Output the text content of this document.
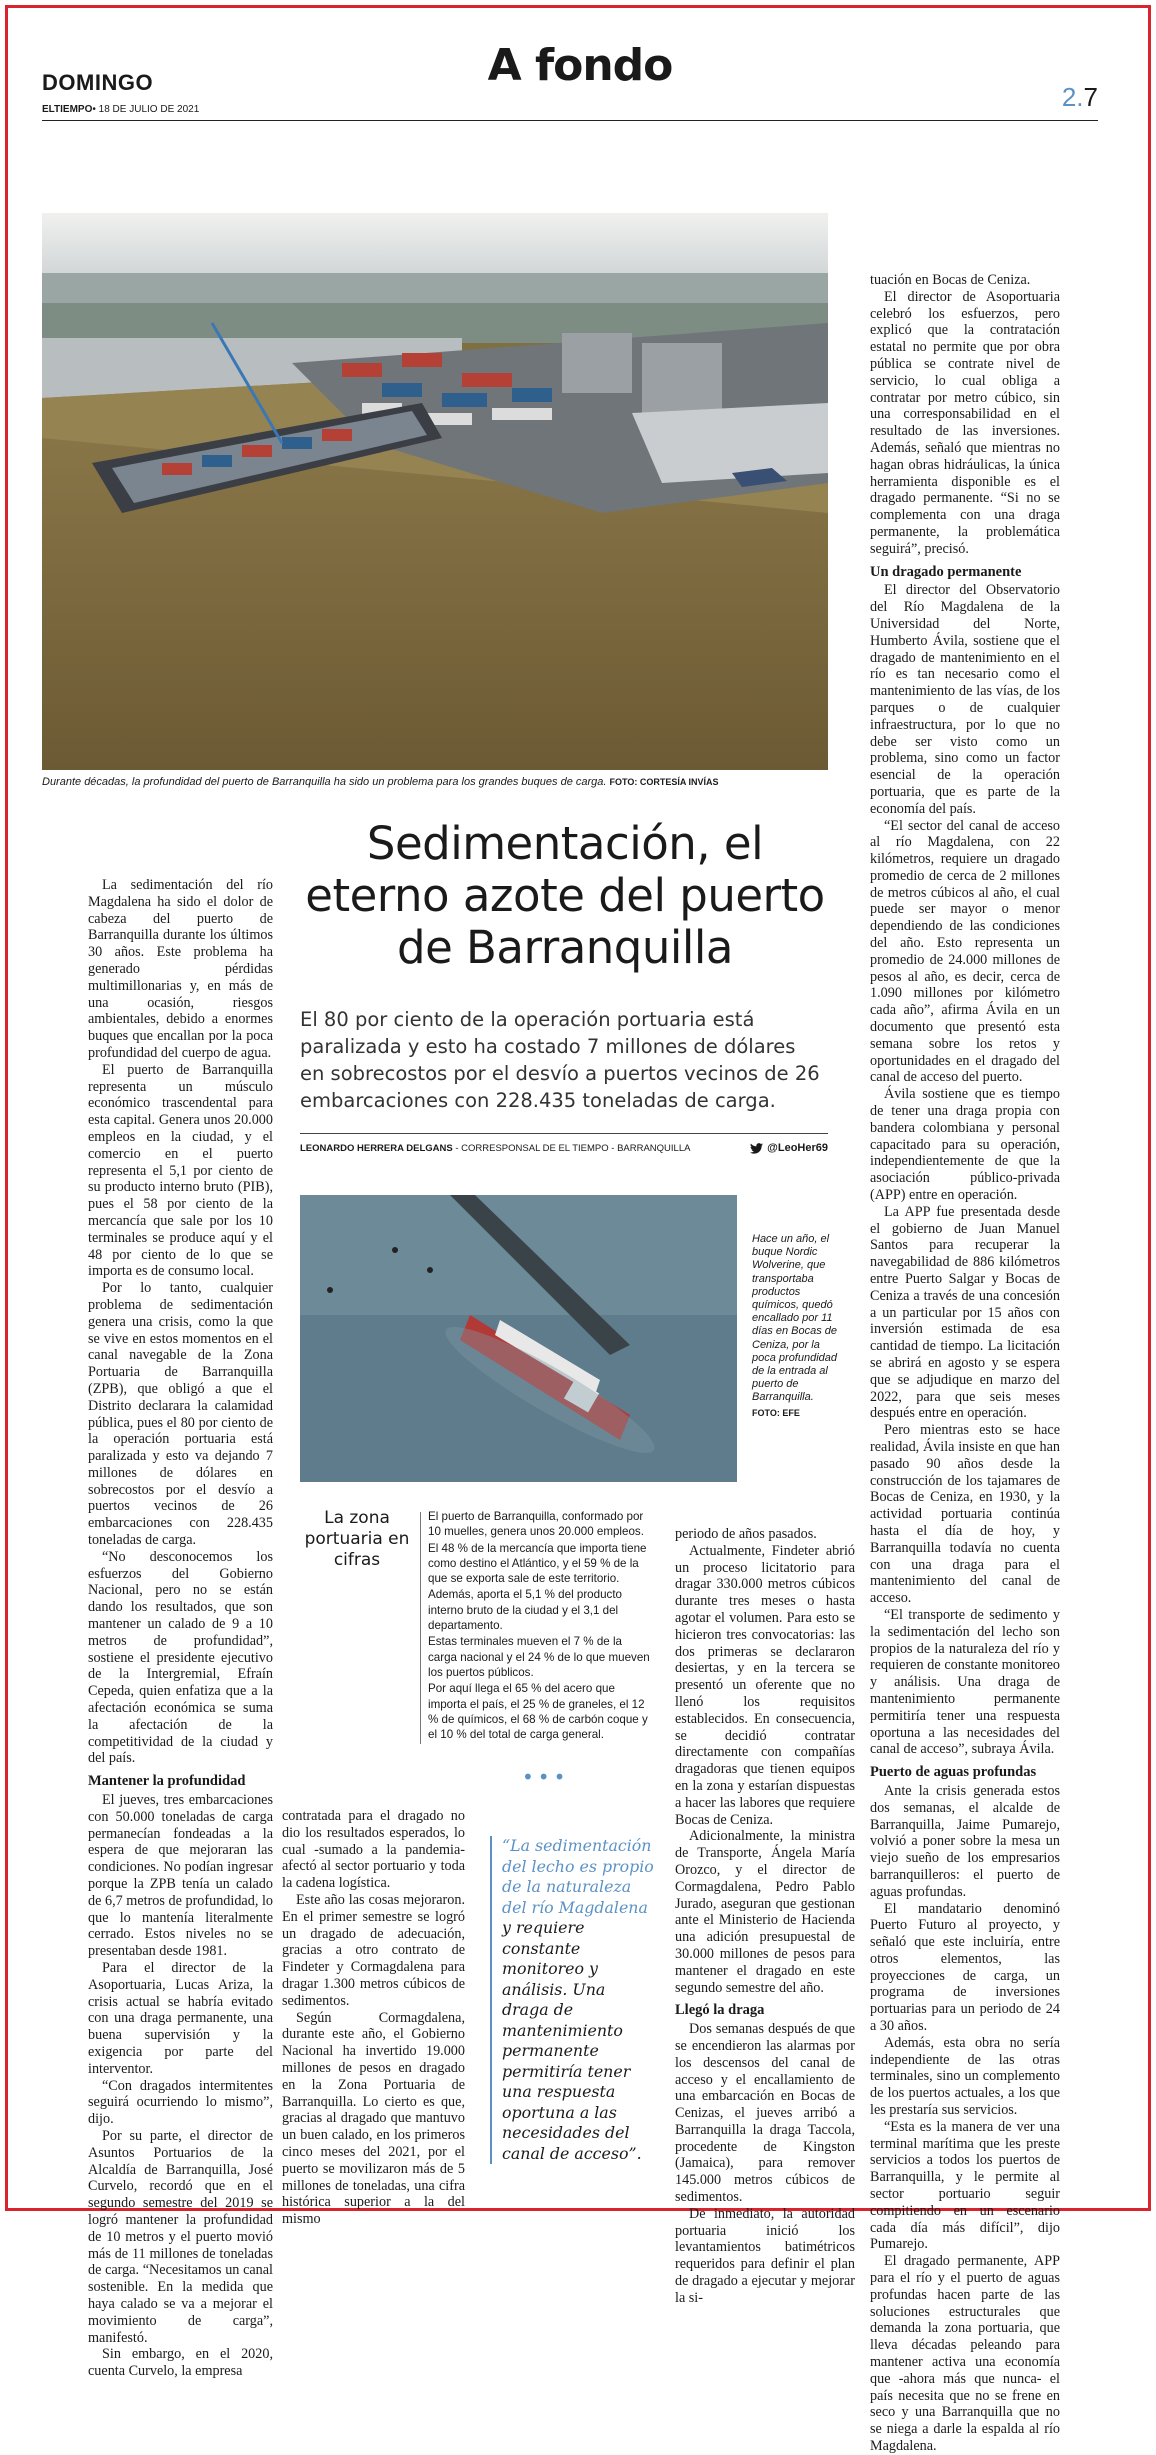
DOMINGO
ELTIEMPO• 18 DE JULIO DE 2021
A fondo
2.7
Durante décadas, la profundidad del puerto de Barranquilla ha sido un problema para los grandes buques de carga. FOTO: CORTESÍA INVÍAS
Sedimentación, el eterno azote del puerto de Barranquilla

El 80 por ciento de la operación portuaria está paralizada y esto ha costado 7 millones de dólares en sobrecostos por el desvío a puertos vecinos de 26 embarcaciones con 228.435 toneladas de carga.

LEONARDO HERRERA DELGANS - CORRESPONSAL DE EL TIEMPO - BARRANQUILLA	@LeoHer69

La sedimentación del río Magdalena ha sido el dolor de cabeza del puerto de Barranquilla durante los últimos 30 años. Este problema ha generado pérdidas multimillonarias y, en más de una ocasión, riesgos ambientales, debido a enormes buques que encallan por la poca profundidad del cuerpo de agua.

El puerto de Barranquilla representa un músculo económico trascendental para esta capital. Genera unos 20.000 empleos en la ciudad, y el comercio en el puerto representa el 5,1 por ciento de su producto interno bruto (PIB), pues el 58 por ciento de la mercancía que sale por los 10 terminales se produce aquí y el 48 por ciento de lo que se importa es de consumo local.

Por lo tanto, cualquier problema de sedimentación genera una crisis, como la que se vive en estos momentos en el canal navegable de la Zona Portuaria de Barranquilla (ZPB), que obligó a que el Distrito declarara la calamidad pública, pues el 80 por ciento de la operación portuaria está paralizada y esto va dejando 7 millones de dólares en sobrecostos por el desvío a puertos vecinos de 26 embarcaciones con 228.435 toneladas de carga.

“No desconocemos los esfuerzos del Gobierno Nacional, pero no se están dando los resultados, que son mantener un calado de 9 a 10 metros de profundidad”, sostiene el presidente ejecutivo de la Intergremial, Efraín Cepeda, quien enfatiza que a la afectación económica se suma la afectación de la competitividad de la ciudad y del país.

Mantener la profundidad

El jueves, tres embarcaciones con 50.000 toneladas de carga permanecían fondeadas a la espera de que mejoraran las condiciones. No podían ingresar porque la ZPB tenía un calado de 6,7 metros de profundidad, lo que lo mantenía literalmente cerrado. Estos niveles no se presentaban desde 1981.

Para el director de la Asoportuaria, Lucas Ariza, la crisis actual se habría evitado con una draga permanente, una buena supervisión y la exigencia por parte del interventor.

“Con dragados intermitentes seguirá ocurriendo lo mismo”, dijo.

Por su parte, el director de Asuntos Portuarios de la Alcaldía de Barranquilla, José Curvelo, recordó que en el segundo semestre del 2019 se logró mantener la profundidad de 10 metros y el puerto movió más de 11 millones de toneladas de carga. “Necesitamos un canal sostenible. En la medida que haya calado se va a mejorar el movimiento de carga”, manifestó.

Sin embargo, en el 2020, cuenta Curvelo, la empresa

Hace un año, el buque Nordic Wolverine, que transportaba productos químicos, quedó encallado por 11 días en Bocas de Ceniza, por la poca profundidad de la entrada al puerto de Barranquilla.
FOTO: EFE
La zona portuaria en cifras

El puerto de Barranquilla, conformado por 10 muelles, genera unos 20.000 empleos.

El 48 % de la mercancía que importa tiene como destino el Atlántico, y el 59 % de la que se exporta sale de este territorio.

Además, aporta el 5,1 % del producto interno bruto de la ciudad y el 3,1 del departamento.

Estas terminales mueven el 7 % de la carga nacional y el 24 % de lo que mueven los puertos públicos.

Por aquí llega el 65 % del acero que importa el país, el 25 % de graneles, el 12 % de químicos, el 68 % de carbón coque y el 10 % del total de carga general.

•••

contratada para el dragado no dio los resultados esperados, lo cual -sumado a la pandemia- afectó al sector portuario y toda la cadena logística.

Este año las cosas mejoraron. En el primer semestre se logró un dragado de adecuación, gracias a otro contrato de Findeter y Cormagdalena para dragar 1.300 metros cúbicos de sedimentos.

Según Cormagdalena, durante este año, el Gobierno Nacional ha invertido 19.000 millones de pesos en dragado en la Zona Portuaria de Barranquilla. Lo cierto es que, gracias al dragado que mantuvo un buen calado, en los primeros cinco meses del 2021, por el puerto se movilizaron más de 5 millones de toneladas, una cifra histórica superior a la del mismo

“La sedimentación del lecho es propio de la naturaleza del río Magdalena y requiere constante monitoreo y análisis. Una draga de mantenimiento permanente permitiría tener una respuesta oportuna a las necesidades del canal de acceso”.

periodo de años pasados.

Actualmente, Findeter abrió un proceso licitatorio para dragar 330.000 metros cúbicos durante tres meses o hasta agotar el volumen. Para esto se hicieron tres convocatorias: las dos primeras se declararon desiertas, y en la tercera se presentó un oferente que no llenó los requisitos establecidos. En consecuencia, se decidió contratar directamente con compañías dragadoras que tienen equipos en la zona y estarían dispuestas a hacer las labores que requiere Bocas de Ceniza.

Adicionalmente, la ministra de Transporte, Ángela María Orozco, y el director de Cormagdalena, Pedro Pablo Jurado, aseguran que gestionan ante el Ministerio de Hacienda una adición presupuestal de 30.000 millones de pesos para mantener el dragado en este segundo semestre del año.

Llegó la draga

Dos semanas después de que se encendieron las alarmas por los descensos del canal de acceso y el encallamiento de una embarcación en Bocas de Cenizas, el jueves arribó a Barranquilla la draga Taccola, procedente de Kingston (Jamaica), para remover 145.000 metros cúbicos de sedimentos.

De inmediato, la autoridad portuaria inició los levantamientos batimétricos requeridos para definir el plan de dragado a ejecutar y mejorar la si-

tuación en Bocas de Ceniza.

El director de Asoportuaria celebró los esfuerzos, pero explicó que la contratación estatal no permite que por obra pública se contrate nivel de servicio, lo cual obliga a contratar por metro cúbico, sin una corresponsabilidad en el resultado de las inversiones. Además, señaló que mientras no hagan obras hidráulicas, la única herramienta disponible es el dragado permanente. “Si no se complementa con una draga permanente, la problemática seguirá”, precisó.

Un dragado permanente

El director del Observatorio del Río Magdalena de la Universidad del Norte, Humberto Ávila, sostiene que el dragado de mantenimiento en el río es tan necesario como el mantenimiento de las vías, de los parques o de cualquier infraestructura, por lo que no debe ser visto como un problema, sino como un factor esencial de la operación portuaria, que es parte de la economía del país.

“El sector del canal de acceso al río Magdalena, con 22 kilómetros, requiere un dragado promedio de cerca de 2 millones de metros cúbicos al año, el cual puede ser mayor o menor dependiendo de las condiciones del año. Esto representa un promedio de 24.000 millones de pesos al año, es decir, cerca de 1.090 millones por kilómetro cada año”, afirma Ávila en un documento que presentó esta semana sobre los retos y oportunidades en el dragado del canal de acceso del puerto.

Ávila sostiene que es tiempo de tener una draga propia con bandera colombiana y personal capacitado para su operación, independientemente de que la asociación público-privada (APP) entre en operación.

La APP fue presentada desde el gobierno de Juan Manuel Santos para recuperar la navegabilidad de 886 kilómetros entre Puerto Salgar y Bocas de Ceniza a través de una concesión a un particular por 15 años con inversión estimada de esa cantidad de tiempo. La licitación se abrirá en agosto y se espera que se adjudique en marzo del 2022, para que seis meses después entre en operación.

Pero mientras esto se hace realidad, Ávila insiste en que han pasado 90 años desde la construcción de los tajamares de Bocas de Ceniza, en 1930, y la actividad portuaria continúa hasta el día de hoy, y Barranquilla todavía no cuenta con una draga para el mantenimiento del canal de acceso.

“El transporte de sedimento y la sedimentación del lecho son propios de la naturaleza del río y requieren de constante monitoreo y análisis. Una draga de mantenimiento permanente permitiría tener una respuesta oportuna a las necesidades del canal de acceso”, subraya Ávila.

Puerto de aguas profundas

Ante la crisis generada estos dos semanas, el alcalde de Barranquilla, Jaime Pumarejo, volvió a poner sobre la mesa un viejo sueño de los empresarios barranquilleros: el puerto de aguas profundas.

El mandatario denominó Puerto Futuro al proyecto, y señaló que este incluiría, entre otros elementos, las proyecciones de carga, un programa de inversiones portuarias para un periodo de 24 a 30 años.

Además, esta obra no sería independiente de las otras terminales, sino un complemento de los puertos actuales, a los que les prestaría sus servicios.

“Esta es la manera de ver una terminal marítima que les preste servicios a todos los puertos de Barranquilla, y le permite al sector portuario seguir compitiendo en un escenario cada día más difícil”, dijo Pumarejo.

El dragado permanente, APP para el río y el puerto de aguas profundas hacen parte de las soluciones estructurales que demanda la zona portuaria, que lleva décadas peleando para mantener activa una economía que -ahora más que nunca- el país necesita que no se frene en seco y una Barranquilla que no se niega a darle la espalda al río Magdalena.
